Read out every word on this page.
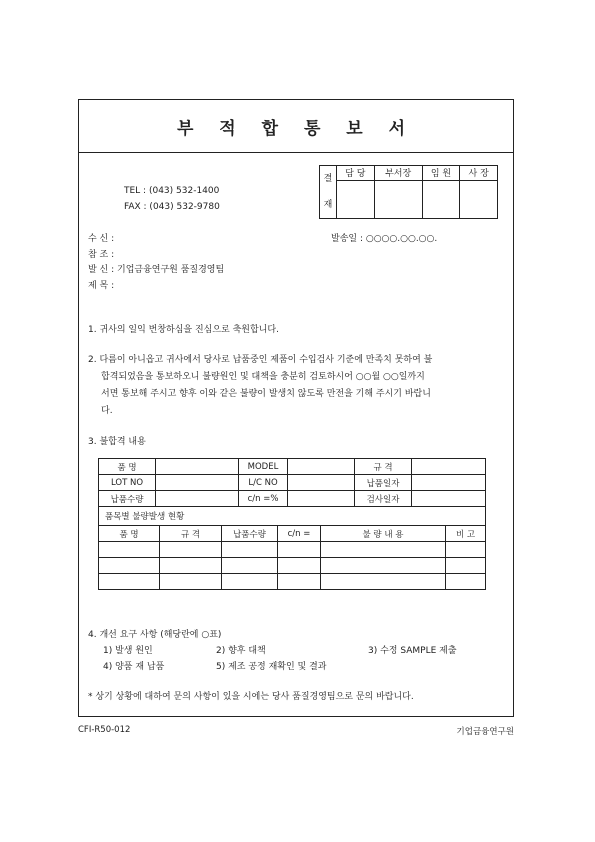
부 적 합 통 보 서
TEL : (043) 532-1400
FAX : (043) 532-9780
결
재	담 당	부서장	임 원	사 장

수 신 :	발송일 : ○○○○.○○.○○.
참 조 :
발 신 : 기업금융연구원 품질경영팀
제 목 :
1. 귀사의 일익 번창하심을 진심으로 축원합니다.
2. 다름이 아니옵고 귀사에서 당사로 납품중인 제품이 수입검사 기준에 만족치 못하여 불
합격되었음을 통보하오니 불량원인 및 대책을 충분히 검토하시어 ○○월 ○○일까지
서면 통보해 주시고 향후 이와 같은 불량이 발생치 않도록 만전을 기해 주시기 바랍니
다.
3. 불합격 내용
품 명		MODEL		규 격	
LOT NO		L/C NO		납품일자	
납품수량		c/n =%		검사일자	
품목별 불량발생 현황

품 명	규 격	납품수량	c/n =	불 량 내 용	비 고

4. 개선 요구 사항 (해당란에 ○표)
1) 발생 원인	2) 향후 대책	3) 수정 SAMPLE 제출
4) 양품 재 납품	5) 제조 공정 재확인 및 결과
* 상기 상황에 대하여 문의 사항이 있을 시에는 당사 품질경영팀으로 문의 바랍니다.
CFI-R50-012	기업금융연구원
